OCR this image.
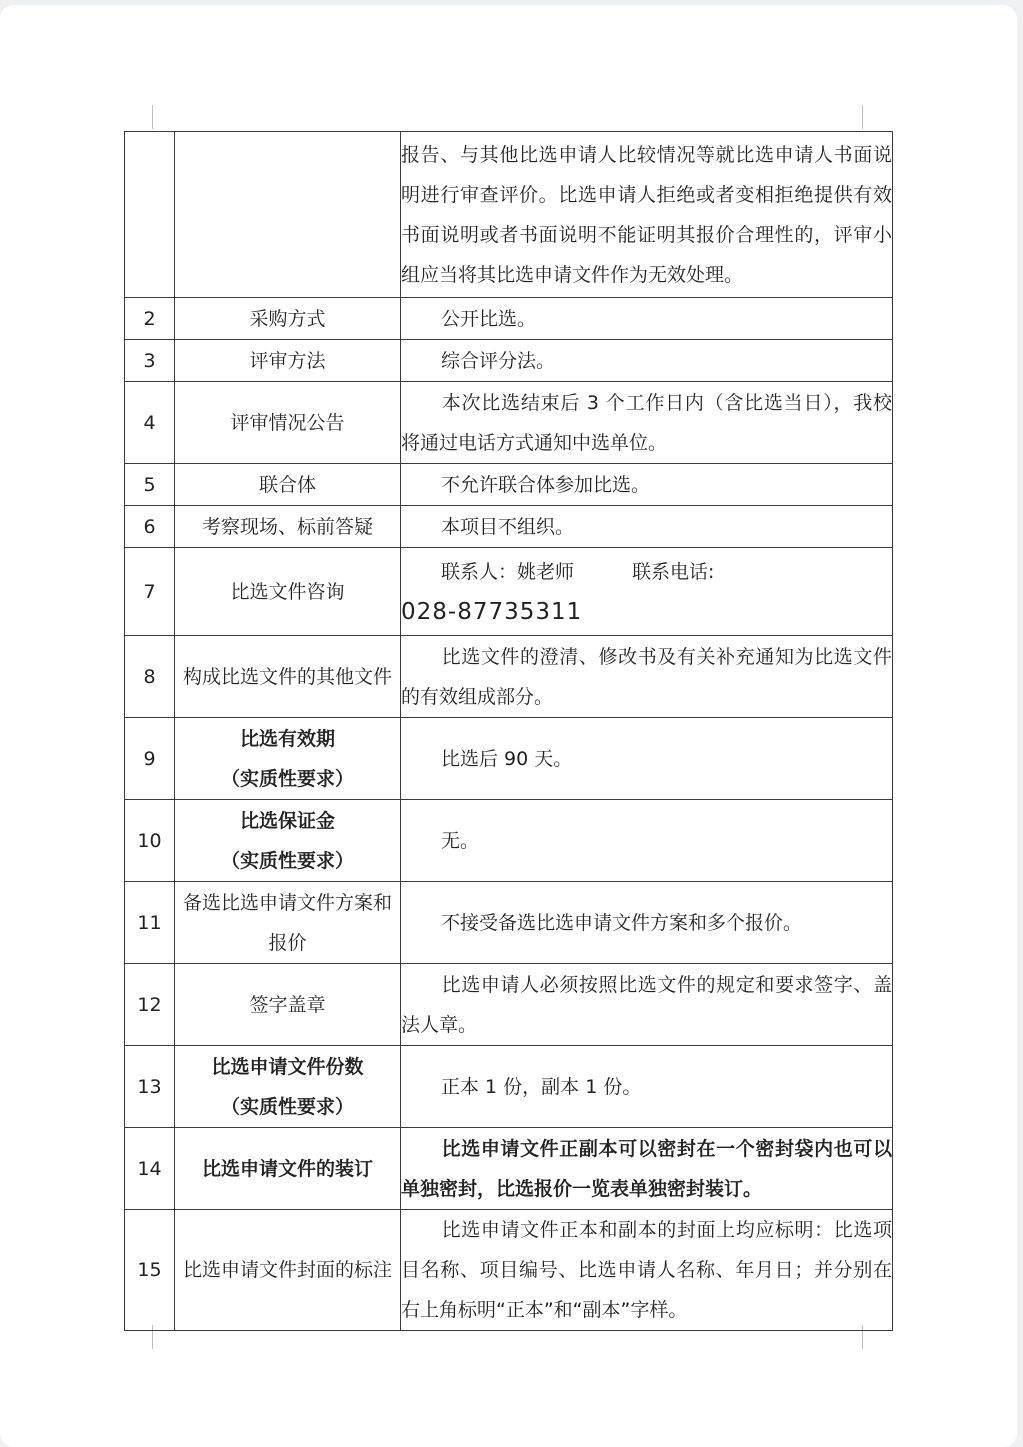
		报告、与其他比选申请人比较情况等就比选申请人书面说明进行审查评价。比选申请人拒绝或者变相拒绝提供有效书面说明或者书面说明不能证明其报价合理性的，评审小组应当将其比选申请文件作为无效处理。
2	采购方式	公开比选。
3	评审方法	综合评分法。
4	评审情况公告	本次比选结束后 3 个工作日内（含比选当日），我校将通过电话方式通知中选单位。
5	联合体	不允许联合体参加比选。
6	考察现场、标前答疑	本项目不组织。
7	比选文件咨询	联系人：姚老师 联系电话:
028-87735311

8	构成比选文件的其他文件	比选文件的澄清、修改书及有关补充通知为比选文件的有效组成部分。
9	比选有效期
（实质性要求）	比选后 90 天。
10	比选保证金
（实质性要求）	无。
11	备选比选申请文件方案和报价	不接受备选比选申请文件方案和多个报价。
12	签字盖章	比选申请人必须按照比选文件的规定和要求签字、盖法人章。
13	比选申请文件份数
（实质性要求）	正本 1 份，副本 1 份。
14	比选申请文件的装订	比选申请文件正副本可以密封在一个密封袋内也可以单独密封，比选报价一览表单独密封装订。
15	比选申请文件封面的标注	比选申请文件正本和副本的封面上均应标明：比选项目名称、项目编号、比选申请人名称、年月日；并分别在右上角标明“正本”和“副本”字样。
